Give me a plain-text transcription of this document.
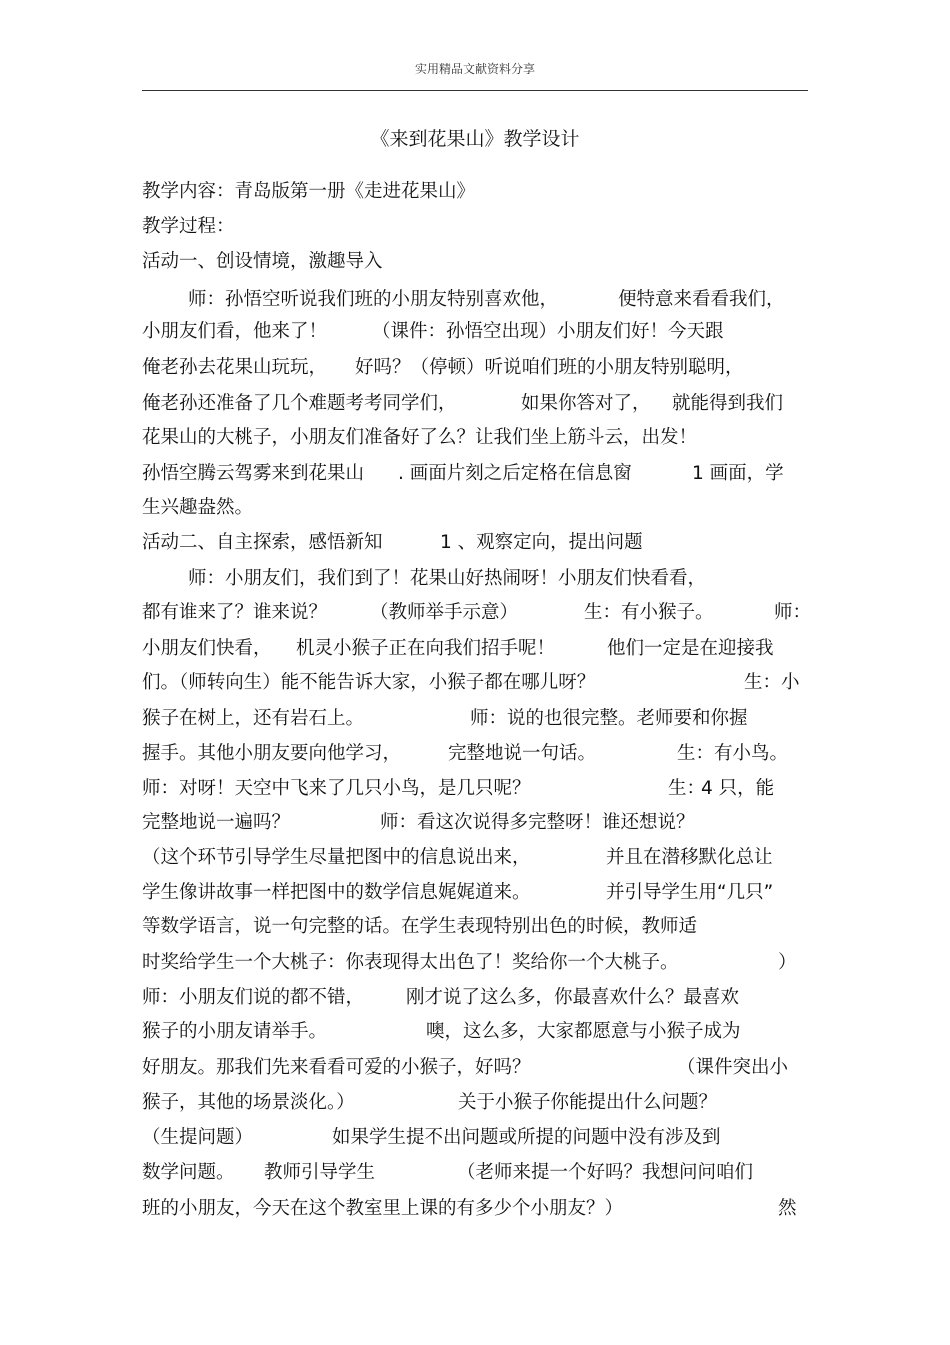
实用精品文献资料分享
《来到花果山》教学设计
教学内容：青岛版第一册《走进花果山》
教学过程：
活动一、创设情境，激趣导入
师：孙悟空听说我们班的小朋友特别喜欢他，	便特意来看看我们，
小朋友们看，他来了！ （课件：孙悟空出现）小朋友们好！今天跟
俺老孙去花果山玩玩， 好吗？（停顿）听说咱们班的小朋友特别聪明，
俺老孙还准备了几个难题考考同学们，	如果你答对了， 就能得到我们
花果山的大桃子，小朋友们准备好了么？让我们坐上筋斗云，出发！
孙悟空腾云驾雾来到花果山 . 画面片刻之后定格在信息窗	1 画面，学
生兴趣盎然。
活动二、自主探索，感悟新知	1 、观察定向，提出问题
师：小朋友们，我们到了！花果山好热闹呀！小朋友们快看看，
都有谁来了？谁来说？ （教师举手示意）	生：有小猴子。	师：
小朋友们快看， 机灵小猴子正在向我们招手呢！	他们一定是在迎接我
们。（师转向生）能不能告诉大家，小猴子都在哪儿呀？	生：小
猴子在树上，还有岩石上。	师：说的也很完整。老师要和你握
握手。其他小朋友要向他学习，	完整地说一句话。	生：有小鸟。
师：对呀！天空中飞来了几只小鸟，是几只呢？	生：
4 只，能
完整地说一遍吗？	师：看这次说得多完整呀！谁还想说？
（这个环节引导学生尽量把图中的信息说出来，	并且在潜移默化总让
学生像讲故事一样把图中的数学信息娓娓道来。	并引导学生用“几只”
等数学语言，说一句完整的话。在学生表现特别出色的时候，教师适
时奖给学生一个大桃子：你表现得太出色了！奖给你一个大桃子。	）
师：小朋友们说的都不错， 刚才说了这么多，你最喜欢什么？最喜欢
猴子的小朋友请举手。	噢，这么多，大家都愿意与小猴子成为
好朋友。那我们先来看看可爱的小猴子，好吗？	（课件突出小
猴子，其他的场景淡化。）	关于小猴子你能提出什么问题？
（生提问题）	如果学生提不出问题或所提的问题中没有涉及到
数学问题。 教师引导学生	（老师来提一个好吗？我想问问咱们
班的小朋友，今天在这个教室里上课的有多少个小朋友？）	然
